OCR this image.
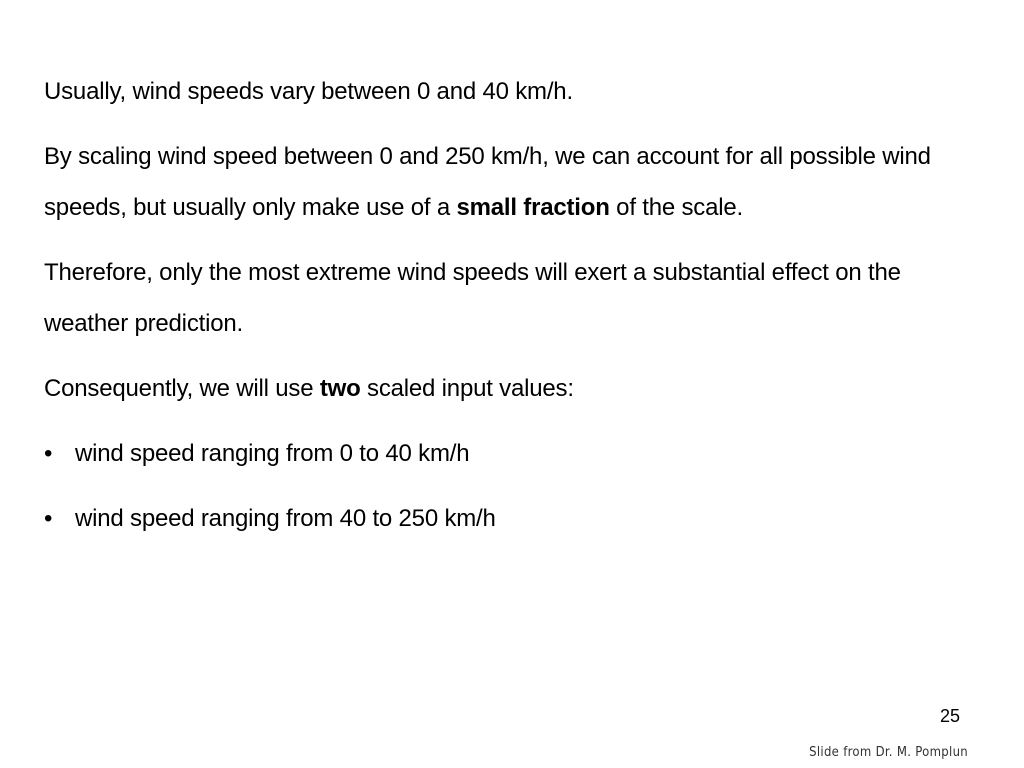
Usually, wind speeds vary between 0 and 40 km/h.

By scaling wind speed between 0 and 250 km/h, we can account for all possible wind speeds, but usually only make use of a small fraction of the scale.

Therefore, only the most extreme wind speeds will exert a substantial effect on the weather prediction.

Consequently, we will use two scaled input values:

• wind speed ranging from 0 to 40 km/h
• wind speed ranging from 40 to 250 km/h
25
Slide from Dr. M. Pomplun
